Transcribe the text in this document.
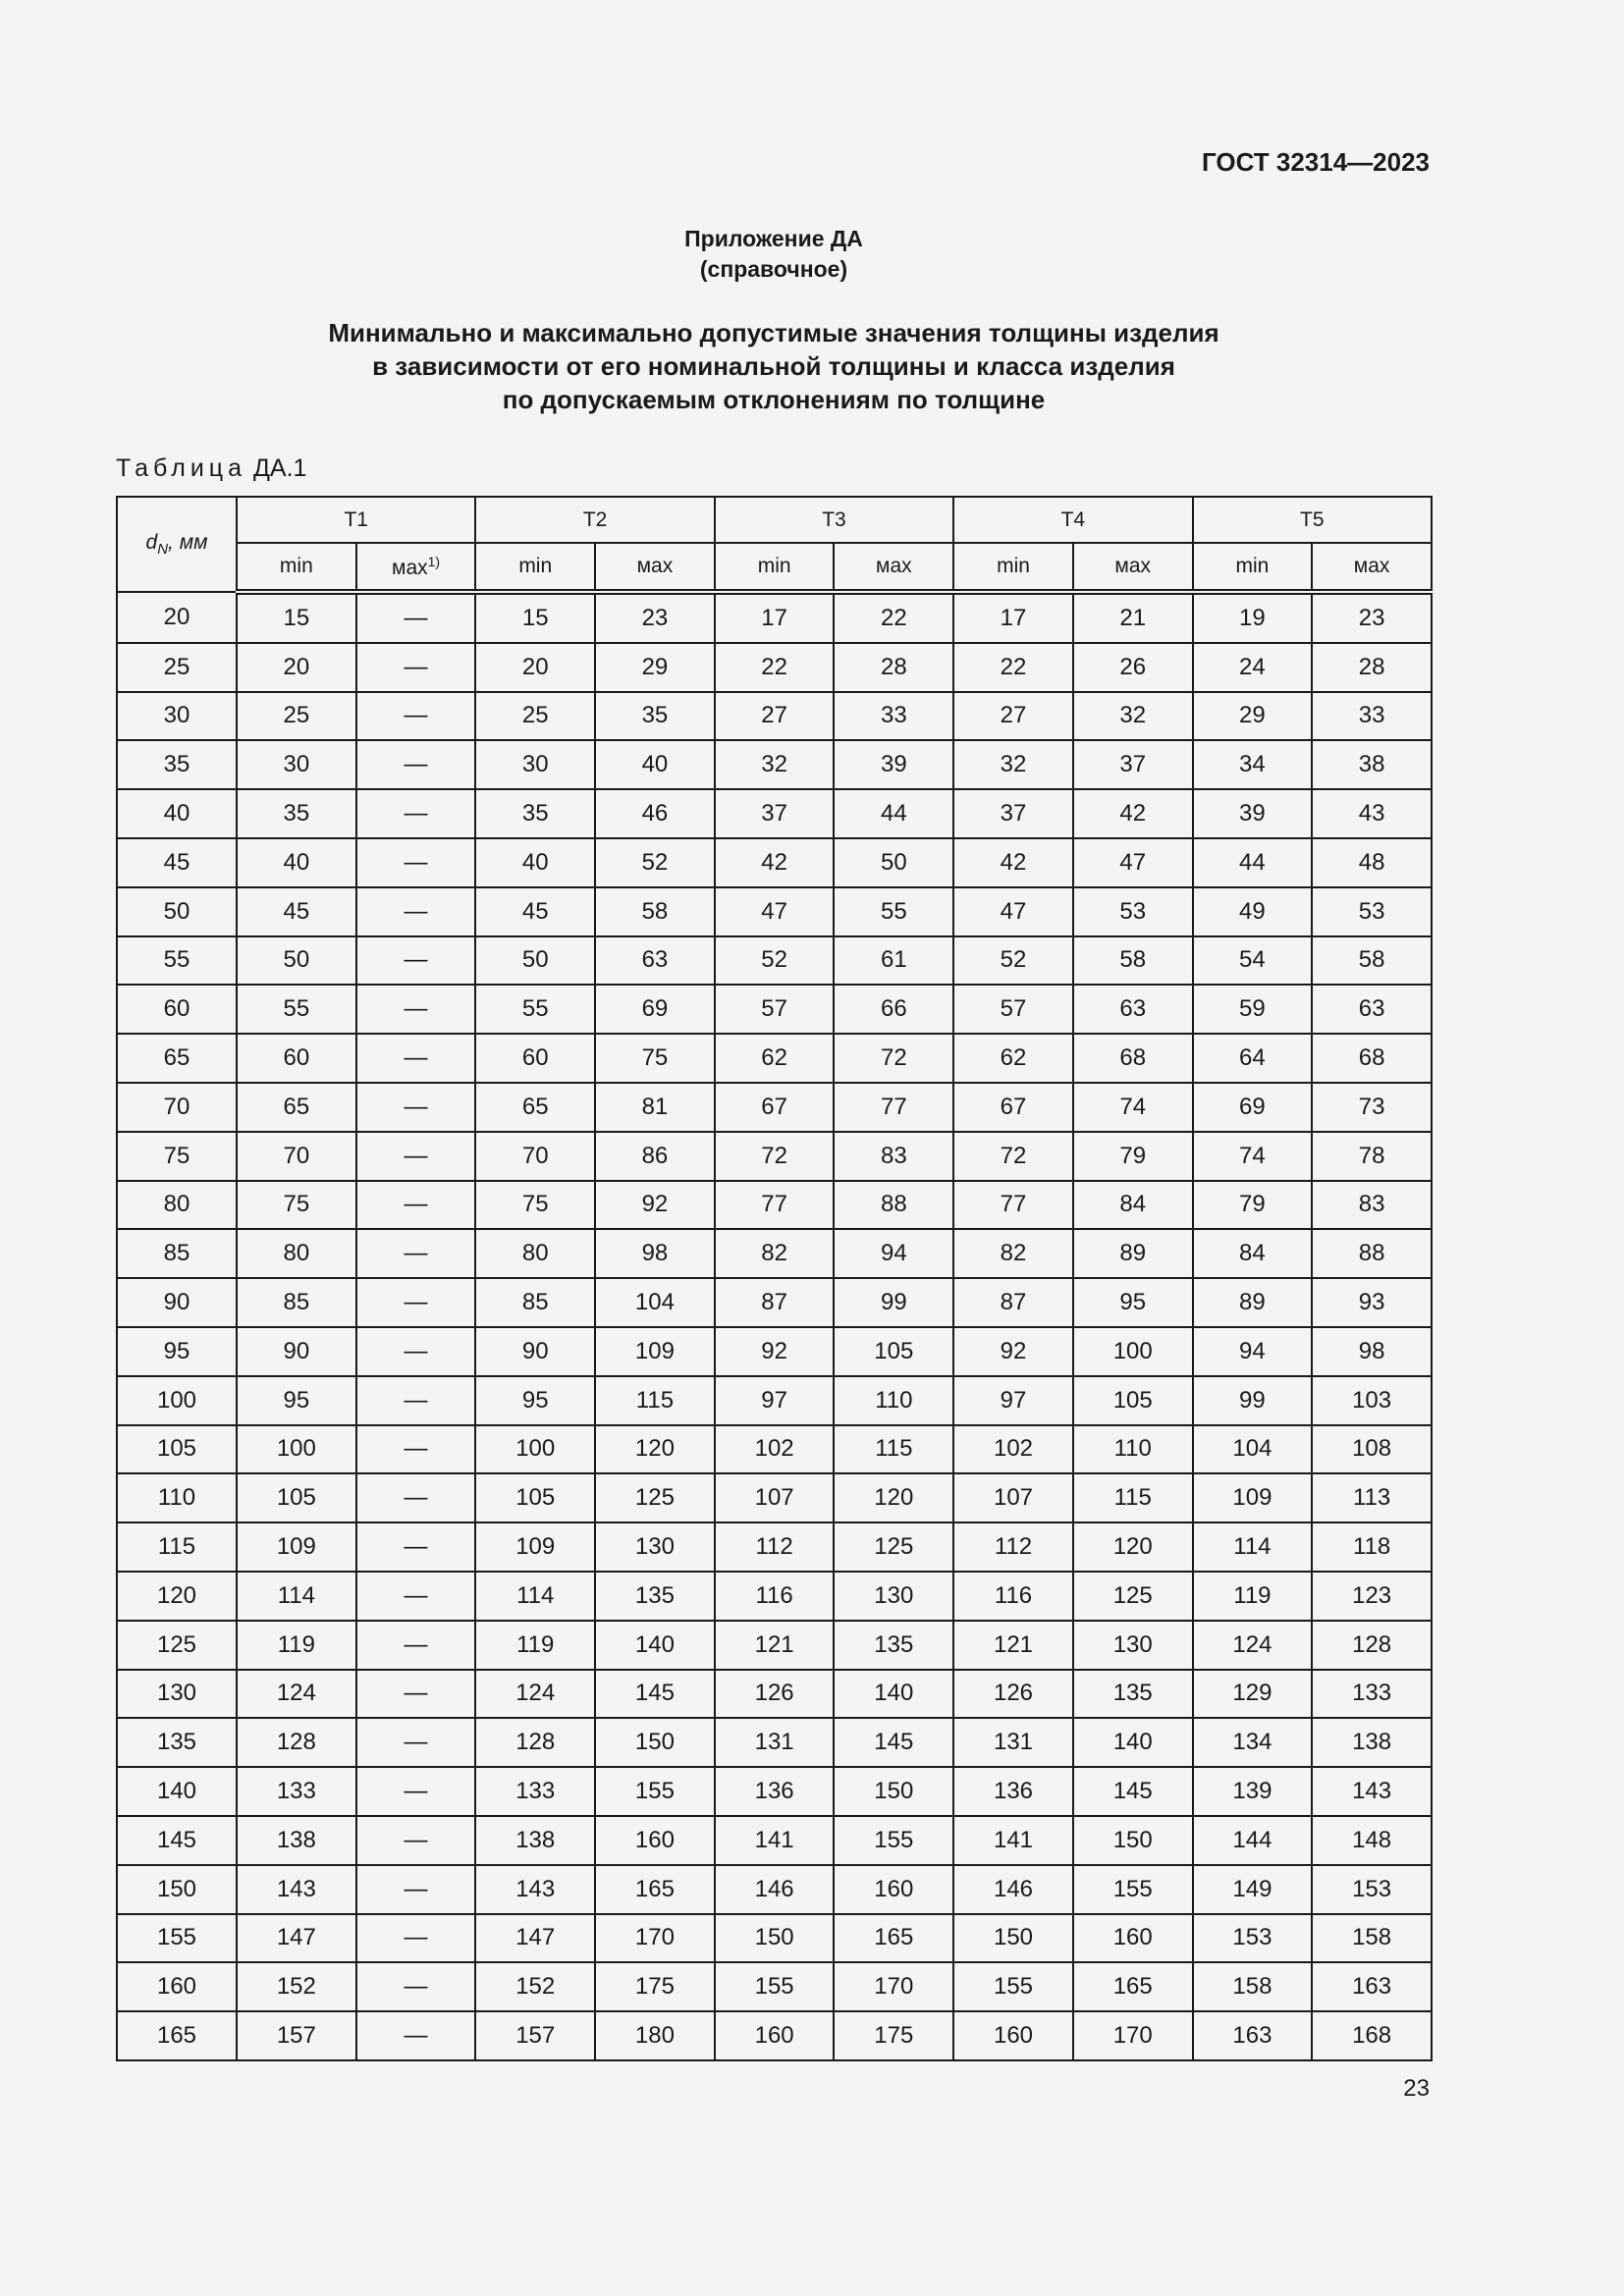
ГОСТ 32314—2023
Приложение ДА
(справочное)
Минимально и максимально допустимые значения толщины изделия
в зависимости от его номинальной толщины и класса изделия
по допускаемым отклонениям по толщине
Таблица ДА.1
$d_N$, мм	T1		T2		T3		T4		T5	
	min	мах$^{1)}$	min	мах	min	мах	min	мах	min	мах
20	15	—	15	23	17	22	17	21	19	23
25	20	—	20	29	22	28	22	26	24	28
30	25	—	25	35	27	33	27	32	29	33
35	30	—	30	40	32	39	32	37	34	38
40	35	—	35	46	37	44	37	42	39	43
45	40	—	40	52	42	50	42	47	44	48
50	45	—	45	58	47	55	47	53	49	53
55	50	—	50	63	52	61	52	58	54	58
60	55	—	55	69	57	66	57	63	59	63
65	60	—	60	75	62	72	62	68	64	68
70	65	—	65	81	67	77	67	74	69	73
75	70	—	70	86	72	83	72	79	74	78
80	75	—	75	92	77	88	77	84	79	83
85	80	—	80	98	82	94	82	89	84	88
90	85	—	85	104	87	99	87	95	89	93
95	90	—	90	109	92	105	92	100	94	98
100	95	—	95	115	97	110	97	105	99	103
105	100	—	100	120	102	115	102	110	104	108
110	105	—	105	125	107	120	107	115	109	113
115	109	—	109	130	112	125	112	120	114	118
120	114	—	114	135	116	130	116	125	119	123
125	119	—	119	140	121	135	121	130	124	128
130	124	—	124	145	126	140	126	135	129	133
135	128	—	128	150	131	145	131	140	134	138
140	133	—	133	155	136	150	136	145	139	143
145	138	—	138	160	141	155	141	150	144	148
150	143	—	143	165	146	160	146	155	149	153
155	147	—	147	170	150	165	150	160	153	158
160	152	—	152	175	155	170	155	165	158	163
165	157	—	157	180	160	175	160	170	163	168
23
